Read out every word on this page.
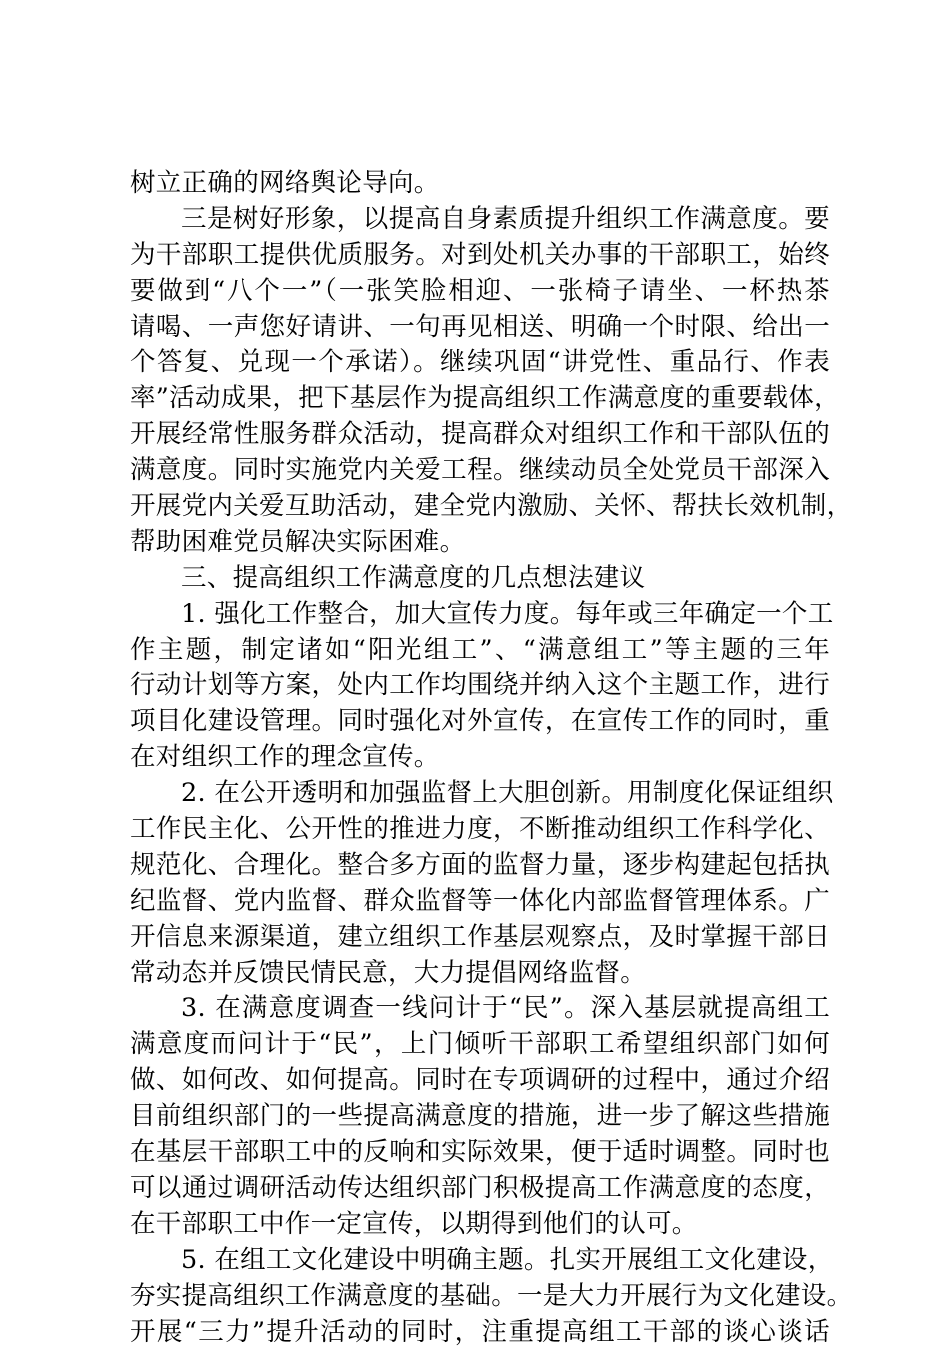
树立正确的网络舆论导向。
三是树好形象，以提高自身素质提升组织工作满意度。要
为干部职工提供优质服务。对到处机关办事的干部职工，始终
要做到“八个一”（一张笑脸相迎、一张椅子请坐、一杯热茶
请喝、一声您好请讲、一句再见相送、明确一个时限、给出一
个答复、兑现一个承诺）。继续巩固“讲党性、重品行、作表
率”活动成果，把下基层作为提高组织工作满意度的重要载体，
开展经常性服务群众活动，提高群众对组织工作和干部队伍的
满意度。同时实施党内关爱工程。继续动员全处党员干部深入
开展党内关爱互助活动，建全党内激励、关怀、帮扶长效机制，
帮助困难党员解决实际困难。
三、提高组织工作满意度的几点想法建议
1. 强化工作整合，加大宣传力度。每年或三年确定一个工
作主题，制定诸如“阳光组工”、“满意组工”等主题的三年
行动计划等方案，处内工作均围绕并纳入这个主题工作，进行
项目化建设管理。同时强化对外宣传，在宣传工作的同时，重
在对组织工作的理念宣传。
2. 在公开透明和加强监督上大胆创新。用制度化保证组织
工作民主化、公开性的推进力度，不断推动组织工作科学化、
规范化、合理化。整合多方面的监督力量，逐步构建起包括执
纪监督、党内监督、群众监督等一体化内部监督管理体系。广
开信息来源渠道，建立组织工作基层观察点，及时掌握干部日
常动态并反馈民情民意，大力提倡网络监督。
3. 在满意度调查一线问计于“民”。深入基层就提高组工
满意度而问计于“民”，上门倾听干部职工希望组织部门如何
做、如何改、如何提高。同时在专项调研的过程中，通过介绍
目前组织部门的一些提高满意度的措施，进一步了解这些措施
在基层干部职工中的反响和实际效果，便于适时调整。同时也
可以通过调研活动传达组织部门积极提高工作满意度的态度，
在干部职工中作一定宣传，以期得到他们的认可。
5. 在组工文化建设中明确主题。扎实开展组工文化建设，
夯实提高组织工作满意度的基础。一是大力开展行为文化建设。
开展“三力”提升活动的同时，注重提高组工干部的谈心谈话
